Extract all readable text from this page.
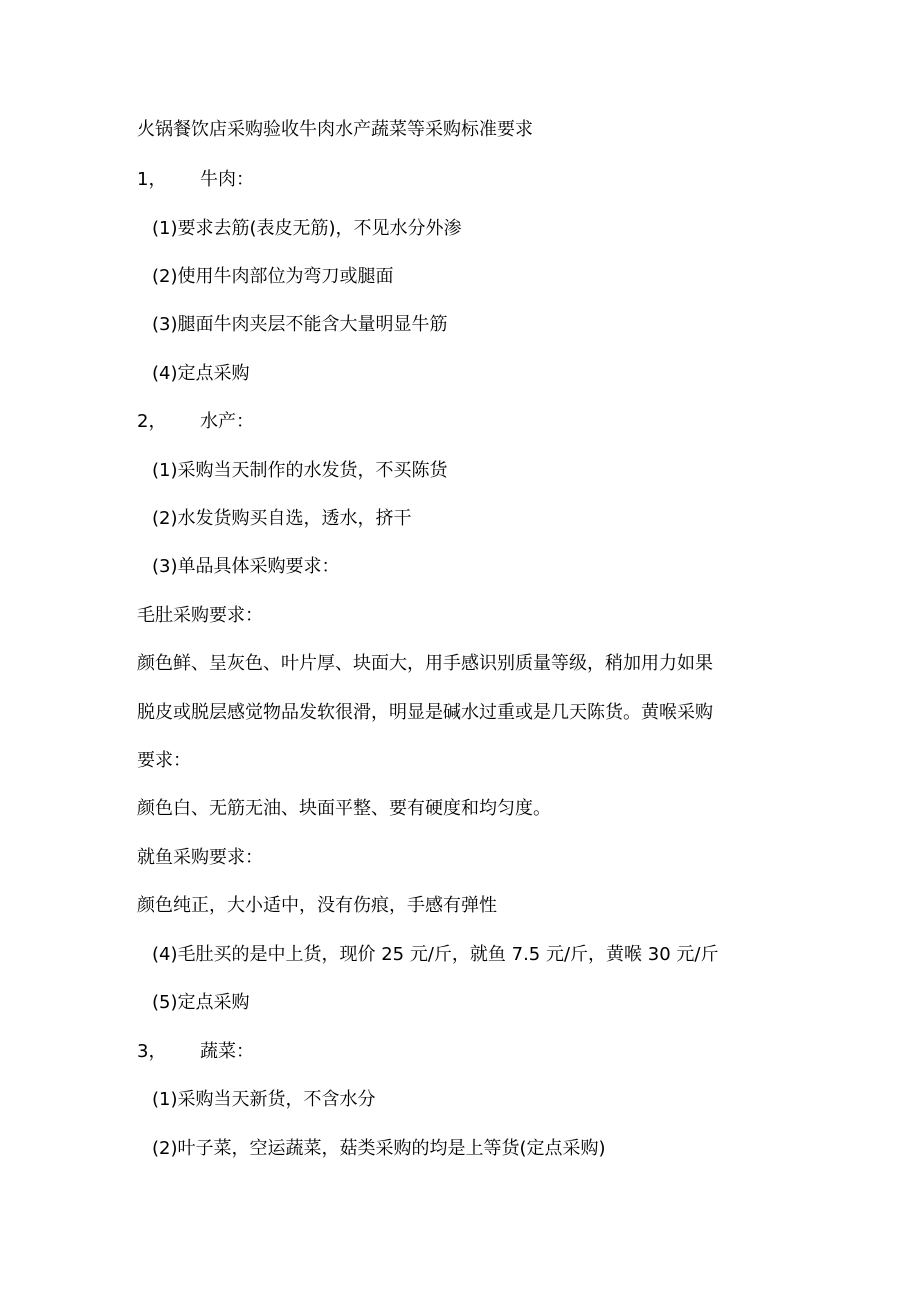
火锅餐饮店采购验收牛肉水产蔬菜等采购标准要求
1， 牛肉：
(1)要求去筋(表皮无筋)，不见水分外渗
(2)使用牛肉部位为弯刀或腿面
(3)腿面牛肉夹层不能含大量明显牛筋
(4)定点采购
2， 水产：
(1)采购当天制作的水发货，不买陈货
(2)水发货购买自选，透水，挤干
(3)单品具体采购要求：
毛肚采购要求：
颜色鲜、呈灰色、叶片厚、块面大，用手感识别质量等级，稍加用力如果
脱皮或脱层感觉物品发软很滑，明显是碱水过重或是几天陈货。黄喉采购
要求：
颜色白、无筋无油、块面平整、要有硬度和均匀度。
就鱼采购要求：
颜色纯正，大小适中，没有伤痕，手感有弹性
(4)毛肚买的是中上货，现价 25 元/斤，就鱼 7.5 元/斤，黄喉 30 元/斤
(5)定点采购
3， 蔬菜：
(1)采购当天新货，不含水分
(2)叶子菜，空运蔬菜，菇类采购的均是上等货(定点采购)
